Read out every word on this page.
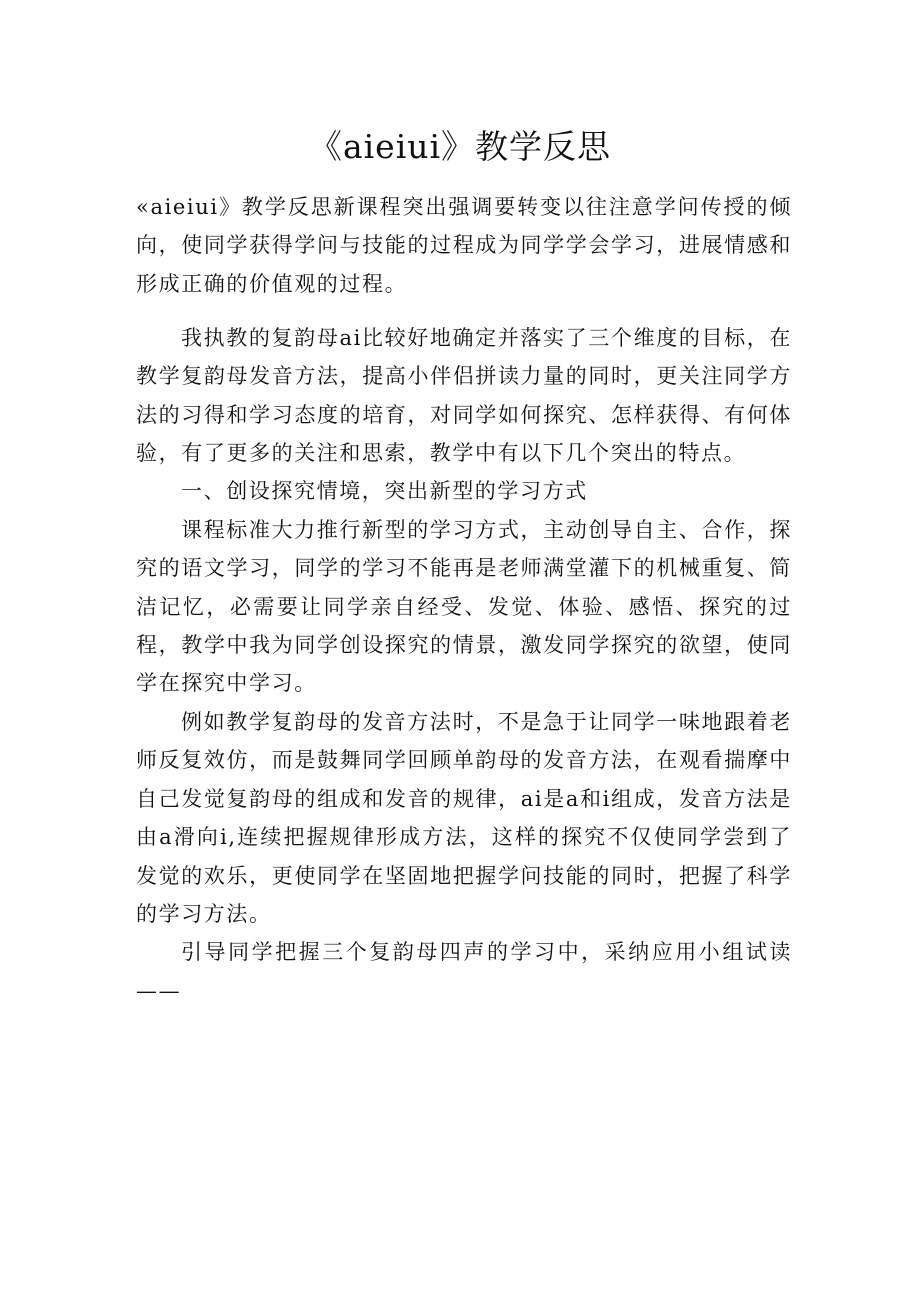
《aieiui》教学反思

«aieiui》教学反思新课程突出强调要转变以往注意学问传授的倾向，使同学获得学问与技能的过程成为同学学会学习，进展情感和形成正确的价值观的过程。

我执教的复韵母ai比较好地确定并落实了三个维度的目标，在教学复韵母发音方法，提高小伴侣拼读力量的同时，更关注同学方法的习得和学习态度的培育，对同学如何探究、怎样获得、有何体验，有了更多的关注和思索，教学中有以下几个突出的特点。

一、创设探究情境，突出新型的学习方式

课程标准大力推行新型的学习方式，主动创导自主、合作，探究的语文学习，同学的学习不能再是老师满堂灌下的机械重复、简洁记忆，必需要让同学亲自经受、发觉、体验、感悟、探究的过程，教学中我为同学创设探究的情景，激发同学探究的欲望，使同学在探究中学习。

例如教学复韵母的发音方法时，不是急于让同学一味地跟着老师反复效仿，而是鼓舞同学回顾单韵母的发音方法，在观看揣摩中自己发觉复韵母的组成和发音的规律，ai是a和i组成，发音方法是由a滑向i,连续把握规律形成方法，这样的探究不仅使同学尝到了发觉的欢乐，更使同学在坚固地把握学问技能的同时，把握了科学的学习方法。

引导同学把握三个复韵母四声的学习中，采纳应用小组试读——
